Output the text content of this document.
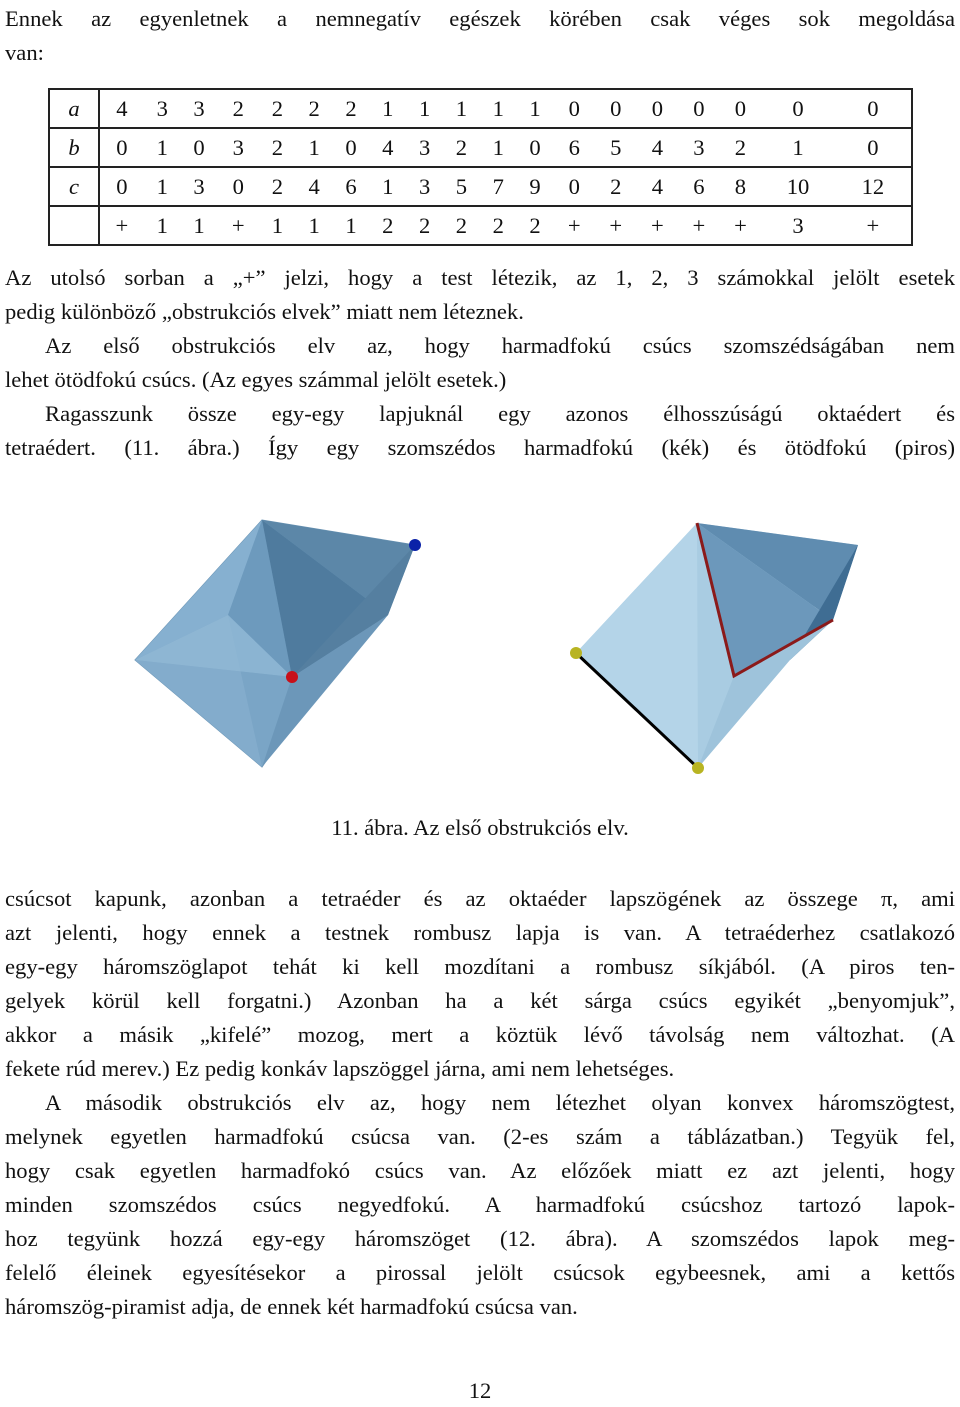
Ennek az egyenletnek a nemnegatív egészek körében csak véges sok megoldása
van:
a	4	3	3	2	2	2	2	1	1	1	1	1	0	0	0	0	0	0	0
b	0	1	0	3	2	1	0	4	3	2	1	0	6	5	4	3	2	1	0
c	0	1	3	0	2	4	6	1	3	5	7	9	0	2	4	6	8	10	12
	+	1	1	+	1	1	1	2	2	2	2	2	+	+	+	+	+	3	+
Az utolsó sorban a „+” jelzi, hogy a test létezik, az 1, 2, 3 számokkal jelölt esetek
pedig különböző „obstrukciós elvek” miatt nem léteznek.
Az első obstrukciós elv az, hogy harmadfokú csúcs szomszédságában nem
lehet ötödfokú csúcs. (Az egyes számmal jelölt esetek.)
Ragasszunk össze egy-egy lapjuknál egy azonos élhosszúságú oktaédert és
tetraédert. (11. ábra.) Így egy szomszédos harmadfokú (kék) és ötödfokú (piros)
11. ábra. Az első obstrukciós elv.
csúcsot kapunk, azonban a tetraéder és az oktaéder lapszögének az összege π, ami
azt jelenti, hogy ennek a testnek rombusz lapja is van. A tetraéderhez csatlakozó
egy-egy háromszöglapot tehát ki kell mozdítani a rombusz síkjából. (A piros ten-
gelyek körül kell forgatni.) Azonban ha a két sárga csúcs egyikét „benyomjuk”,
akkor a másik „kifelé” mozog, mert a köztük lévő távolság nem változhat. (A
fekete rúd merev.) Ez pedig konkáv lapszöggel járna, ami nem lehetséges.
A második obstrukciós elv az, hogy nem létezhet olyan konvex háromszögtest,
melynek egyetlen harmadfokú csúcsa van. (2-es szám a táblázatban.) Tegyük fel,
hogy csak egyetlen harmadfokó csúcs van. Az előzőek miatt ez azt jelenti, hogy
minden szomszédos csúcs negyedfokú. A harmadfokú csúcshoz tartozó lapok-
hoz tegyünk hozzá egy-egy háromszöget (12. ábra). A szomszédos lapok meg-
felelő éleinek egyesítésekor a pirossal jelölt csúcsok egybeesnek, ami a kettős
háromszög-piramist adja, de ennek két harmadfokú csúcsa van.
12
